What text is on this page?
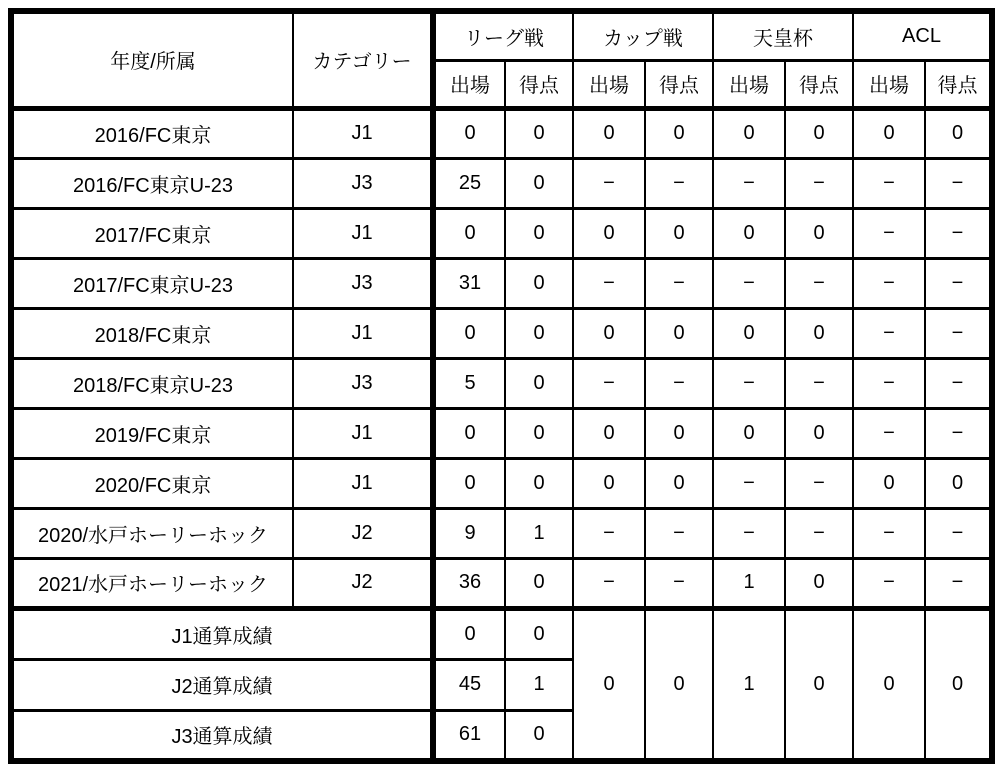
年度/所属	カテゴリー	リーグ戦		カップ戦		天皇杯		ACL	
		出場	得点	出場	得点	出場	得点	出場	得点
2016/FC東京	J1	0	0	0	0	0	0	0	0
2016/FC東京U-23	J3	25	0	−	−	−	−	−	−
2017/FC東京	J1	0	0	0	0	0	0	−	−
2017/FC東京U-23	J3	31	0	−	−	−	−	−	−
2018/FC東京	J1	0	0	0	0	0	0	−	−
2018/FC東京U-23	J3	5	0	−	−	−	−	−	−
2019/FC東京	J1	0	0	0	0	0	0	−	−
2020/FC東京	J1	0	0	0	0	−	−	0	0
2020/水戸ホーリーホック	J2	9	1	−	−	−	−	−	−
2021/水戸ホーリーホック	J2	36	0	−	−	1	0	−	−
J1通算成績		0	0	0	0	1	0	0	0
J2通算成績		45	1						
J3通算成績		61	0						
